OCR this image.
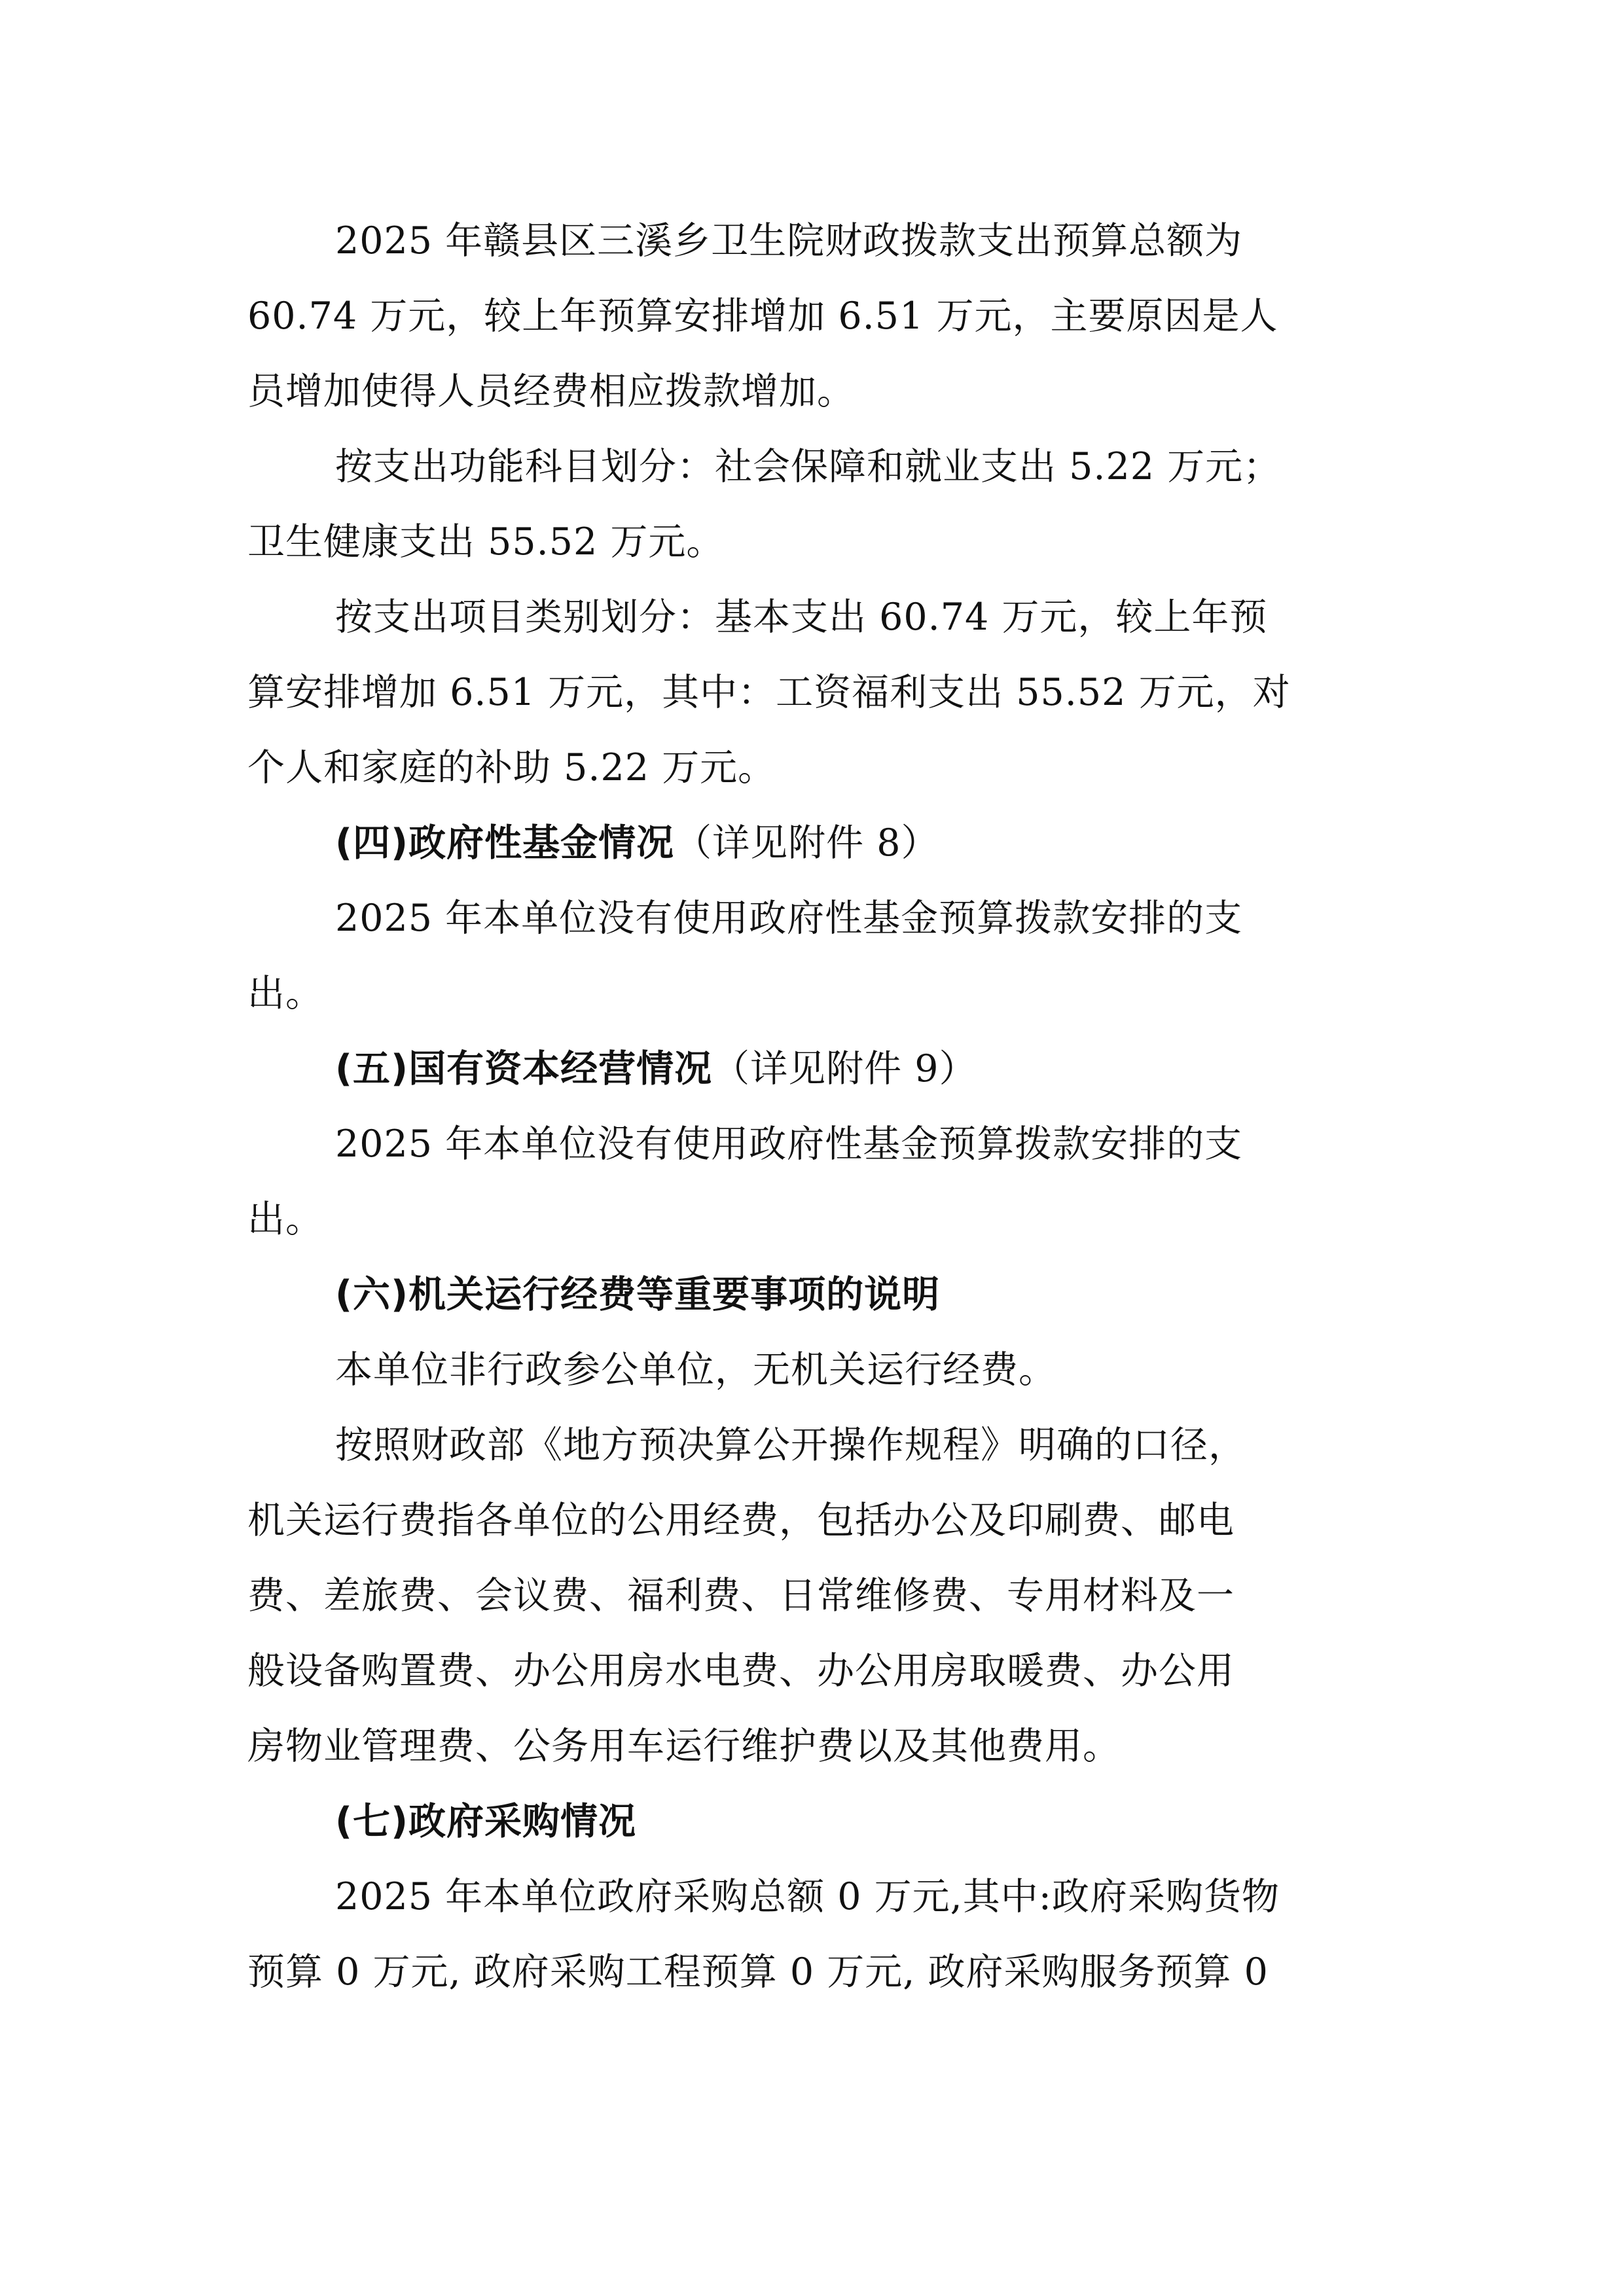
2025 年赣县区三溪乡卫生院财政拨款支出预算总额为
60.74 万元，较上年预算安排增加 6.51 万元，主要原因是人
员增加使得人员经费相应拨款增加。
按支出功能科目划分：社会保障和就业支出 5.22 万元；
卫生健康支出 55.52 万元。
按支出项目类别划分：基本支出 60.74 万元，较上年预
算安排增加 6.51 万元，其中：工资福利支出 55.52 万元，对
个人和家庭的补助 5.22 万元。
(四)政府性基金情况（详见附件 8）
2025 年本单位没有使用政府性基金预算拨款安排的支
出。
(五)国有资本经营情况（详见附件 9）
2025 年本单位没有使用政府性基金预算拨款安排的支
出。
(六)机关运行经费等重要事项的说明
本单位非行政参公单位，无机关运行经费。
按照财政部《地方预决算公开操作规程》明确的口径，
机关运行费指各单位的公用经费，包括办公及印刷费、邮电
费、差旅费、会议费、福利费、日常维修费、专用材料及一
般设备购置费、办公用房水电费、办公用房取暖费、办公用
房物业管理费、公务用车运行维护费以及其他费用。
(七)政府采购情况
2025 年本单位政府采购总额 0 万元,其中:政府采购货物
预算 0 万元, 政府采购工程预算 0 万元, 政府采购服务预算 0
